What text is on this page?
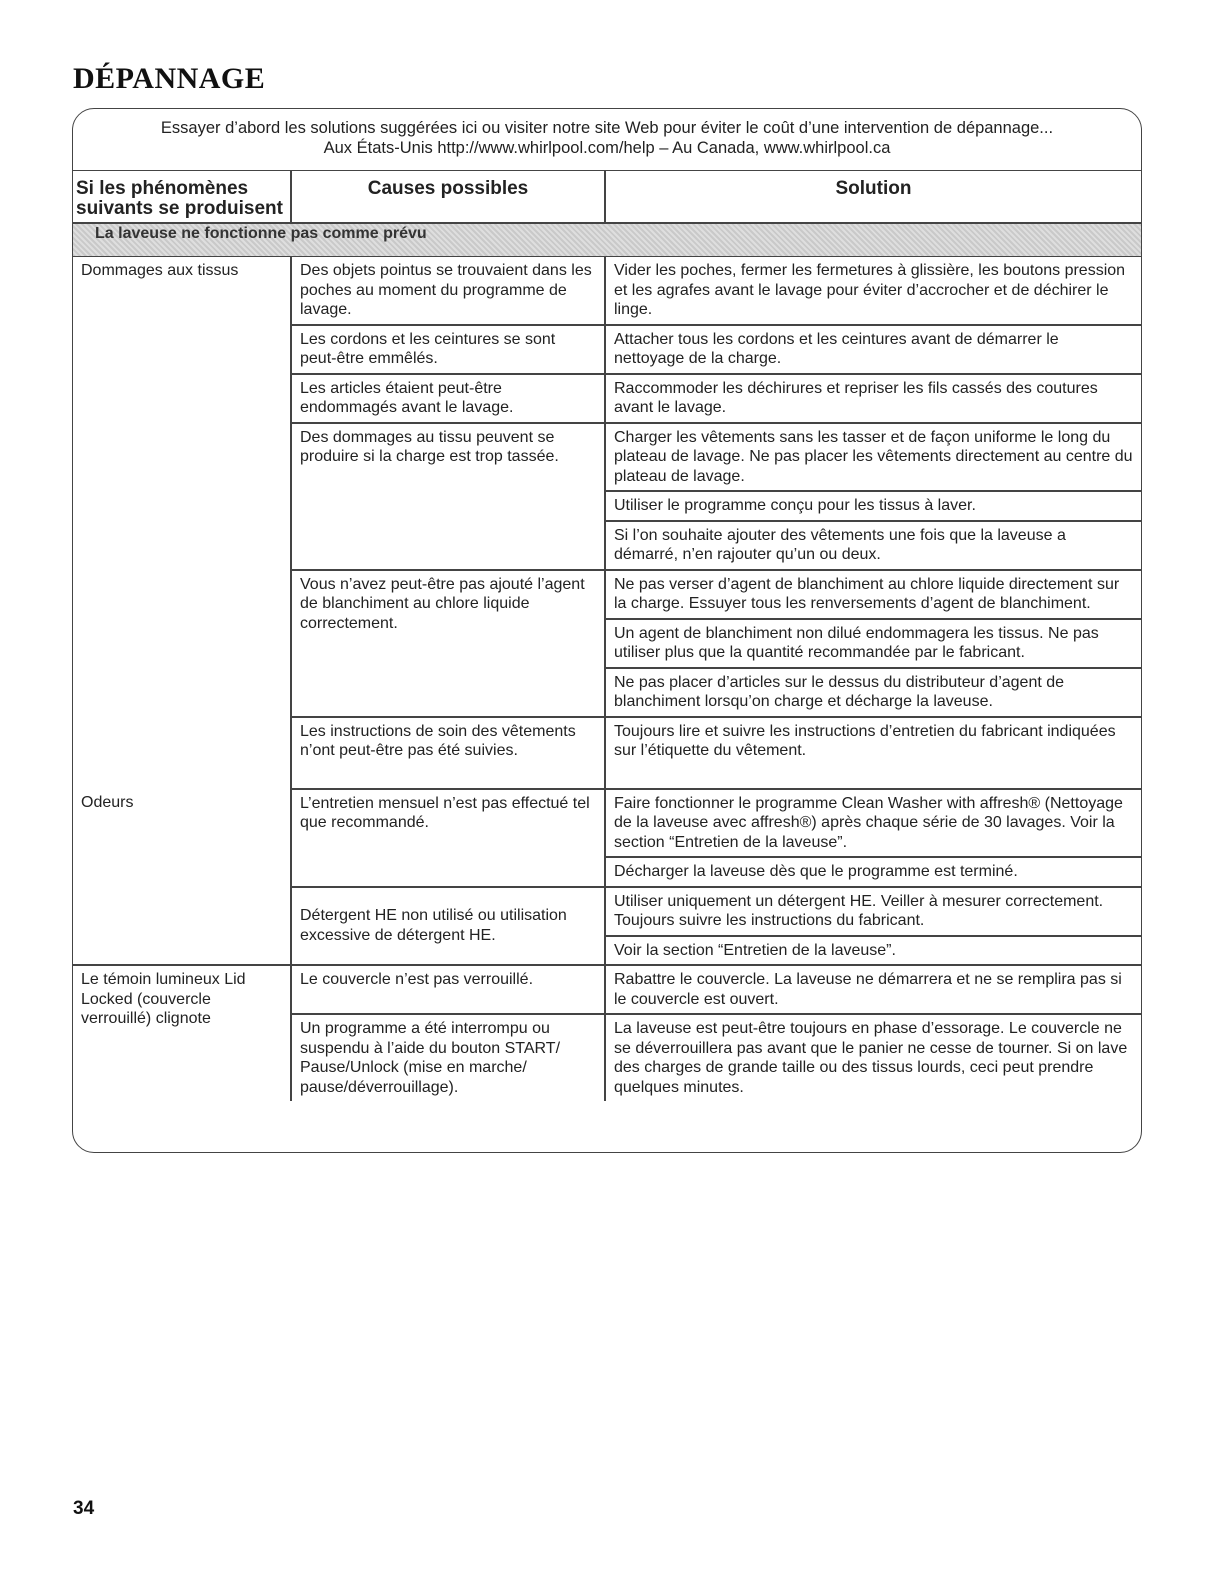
DÉPANNAGE
Essayer d’abord les solutions suggérées ici ou visiter notre site Web pour éviter le coût d’une intervention de dépannage...
Aux États-Unis http://www.whirlpool.com/help – Au Canada, www.whirlpool.ca
Si les phénomènes suivants se produisent	Causes possibles	Solution
La laveuse ne fonctionne pas comme prévu		
Dommages aux tissus	Des objets pointus se trouvaient dans les poches au moment du programme de lavage.	Vider les poches, fermer les fermetures à glissière, les boutons pression et les agrafes avant le lavage pour éviter d’accrocher et de déchirer le linge.
	Les cordons et les ceintures se sont peut-être emmêlés.	Attacher tous les cordons et les ceintures avant de démarrer le nettoyage de la charge.
	Les articles étaient peut-être endommagés avant le lavage.	Raccommoder les déchirures et repriser les fils cassés des coutures avant le lavage.
	Des dommages au tissu peuvent se produire si la charge est trop tassée.	Charger les vêtements sans les tasser et de façon uniforme le long du plateau de lavage. Ne pas placer les vêtements directement au centre du plateau de lavage.
		Utiliser le programme conçu pour les tissus à laver.
		Si l’on souhaite ajouter des vêtements une fois que la laveuse a démarré, n’en rajouter qu’un ou deux.
	Vous n’avez peut-être pas ajouté l’agent de blanchiment au chlore liquide correctement.	Ne pas verser d’agent de blanchiment au chlore liquide directement sur la charge. Essuyer tous les renversements d’agent de blanchiment.
		Un agent de blanchiment non dilué endommagera les tissus. Ne pas utiliser plus que la quantité recommandée par le fabricant.
		Ne pas placer d’articles sur le dessus du distributeur d’agent de blanchiment lorsqu’on charge et décharge la laveuse.
	Les instructions de soin des vêtements n’ont peut-être pas été suivies.	Toujours lire et suivre les instructions d’entretien du fabricant indiquées sur l’étiquette du vêtement.
Odeurs	L’entretien mensuel n’est pas effectué tel que recommandé.	Faire fonctionner le programme Clean Washer with affresh® (Nettoyage de la laveuse avec affresh®) après chaque série de 30 lavages. Voir la section “Entretien de la laveuse”.
		Décharger la laveuse dès que le programme est terminé.
	Détergent HE non utilisé ou utilisation excessive de détergent HE.	Utiliser uniquement un détergent HE. Veiller à mesurer correctement. Toujours suivre les instructions du fabricant.
		Voir la section “Entretien de la laveuse”.
Le témoin lumineux Lid Locked (couvercle verrouillé) clignote	Le couvercle n’est pas verrouillé.	Rabattre le couvercle. La laveuse ne démarrera et ne se remplira pas si le couvercle est ouvert.
	Un programme a été interrompu ou suspendu à l’aide du bouton START/ Pause/Unlock (mise en marche/ pause/déverrouillage).	La laveuse est peut-être toujours en phase d’essorage. Le couvercle ne se déverrouillera pas avant que le panier ne cesse de tourner. Si on lave des charges de grande taille ou des tissus lourds, ceci peut prendre quelques minutes.
34
